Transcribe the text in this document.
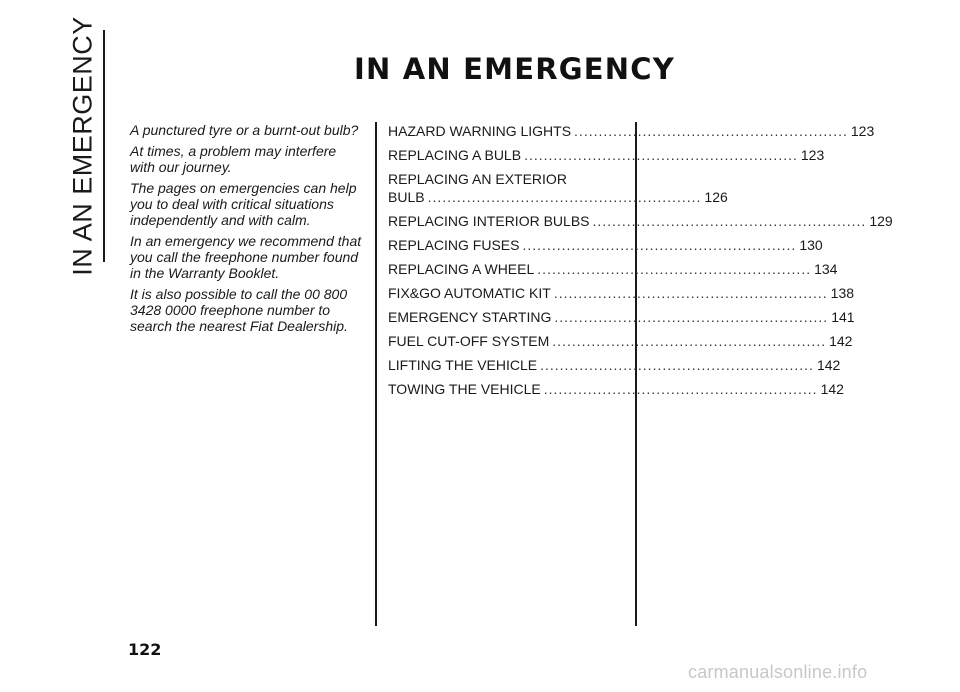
IN AN EMERGENCY	IN AN EMERGENCY

A punctured tyre or a burnt-out bulb?

At times, a problem may interfere with our journey.

The pages on emergencies can help you to deal with critical situations independently and with calm.

In an emergency we recommend that you call the freephone number found in the Warranty Booklet.

It is also possible to call the 00 800 3428 0000 freephone number to search the nearest Fiat Dealership.

HAZARD WARNING LIGHTS ........................................................ 123
REPLACING A BULB ........................................................ 123
REPLACING AN EXTERIOR
BULB ........................................................ 126
REPLACING INTERIOR BULBS ........................................................ 129
REPLACING FUSES ........................................................ 130
REPLACING A WHEEL ........................................................ 134
FIX&GO AUTOMATIC KIT ........................................................ 138
EMERGENCY STARTING ........................................................ 141
FUEL CUT-OFF SYSTEM ........................................................ 142
LIFTING THE VEHICLE ........................................................ 142
TOWING THE VEHICLE ........................................................ 142
122
carmanualsonline.info
